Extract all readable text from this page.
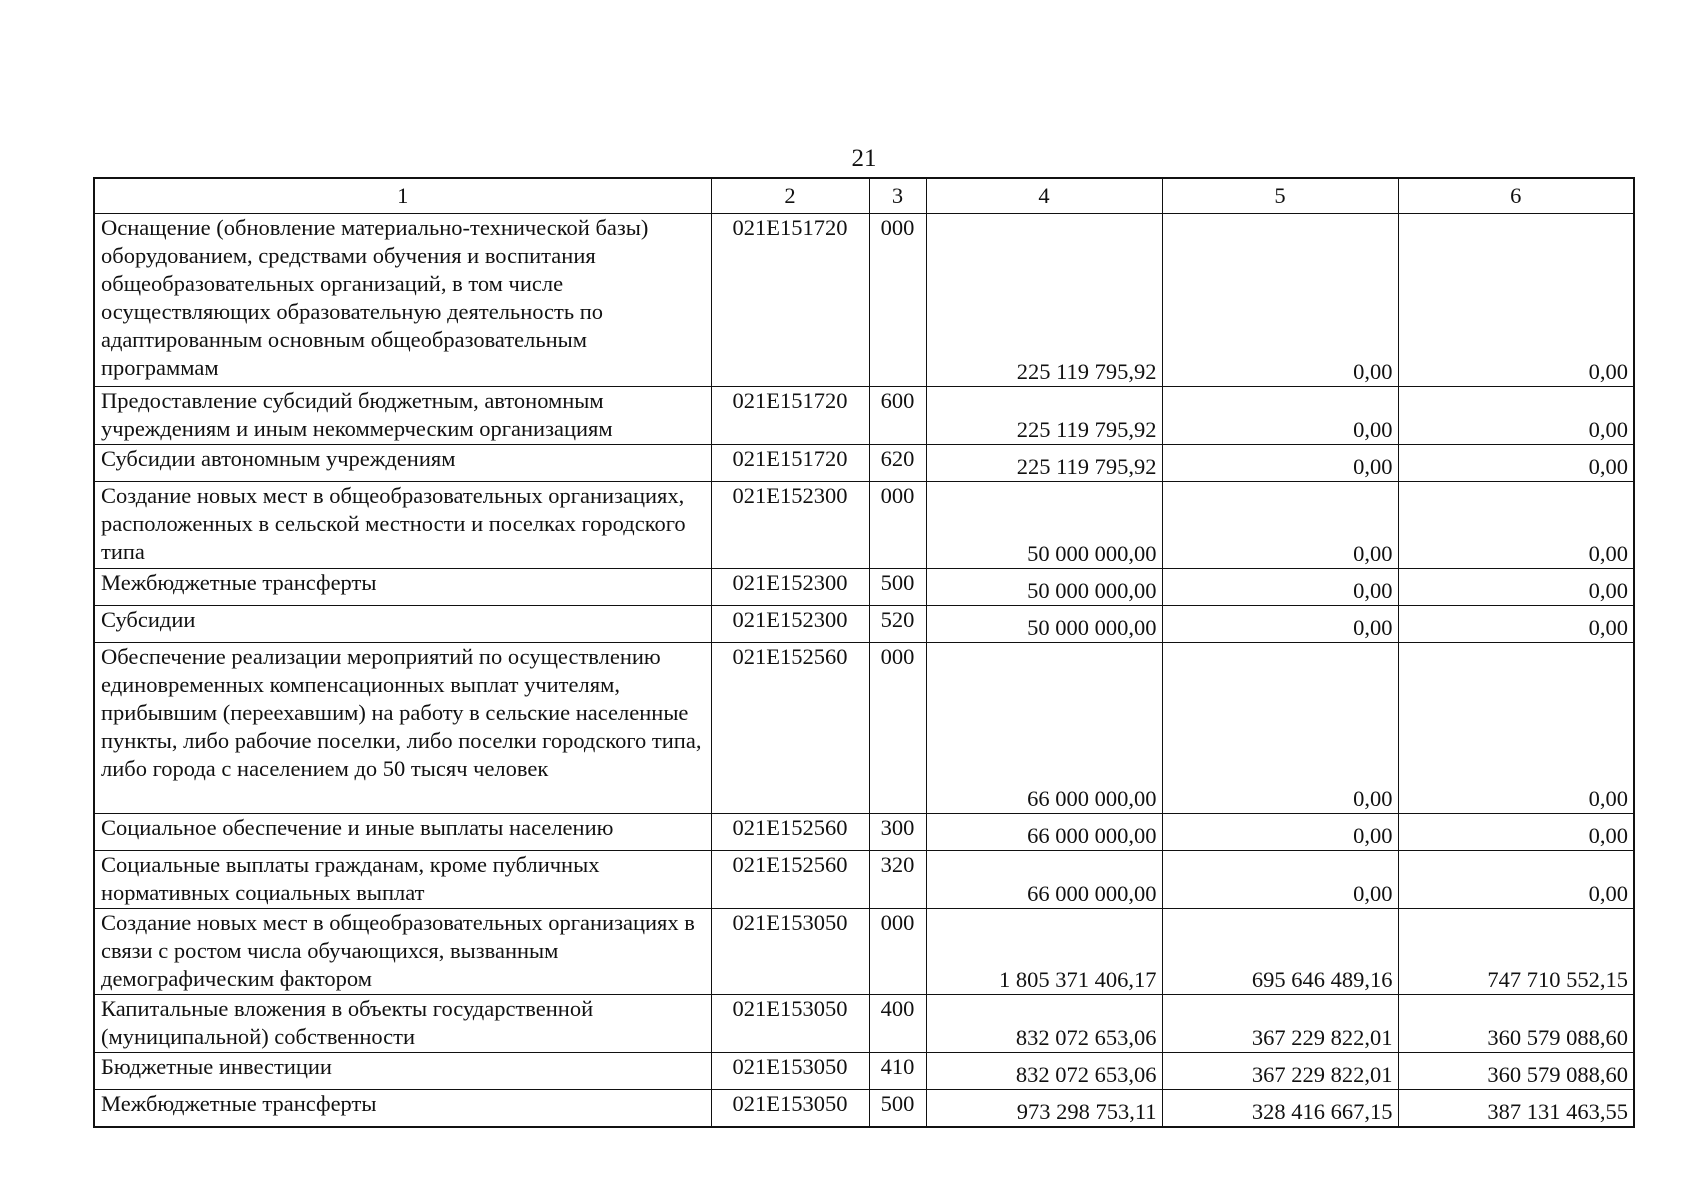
21
1	2	3	4	5	6
Оснащение (обновление материально-технической базы) оборудованием, средствами обучения и воспитания общеобразовательных организаций, в том числе осуществляющих образовательную деятельность по адаптированным основным общеобразовательным программам	021Е151720	000	225 119 795,92	0,00	0,00
Предоставление субсидий бюджетным, автономным учреждениям и иным некоммерческим организациям	021Е151720	600	225 119 795,92	0,00	0,00
Субсидии автономным учреждениям	021Е151720	620	225 119 795,92	0,00	0,00
Создание новых мест в общеобразовательных организациях, расположенных в сельской местности и поселках городского типа	021Е152300	000	50 000 000,00	0,00	0,00
Межбюджетные трансферты	021Е152300	500	50 000 000,00	0,00	0,00
Субсидии	021Е152300	520	50 000 000,00	0,00	0,00
Обеспечение реализации мероприятий по осуществлению единовременных компенсационных выплат учителям, прибывшим (переехавшим) на работу в сельские населенные пункты, либо рабочие поселки, либо поселки городского типа, либо города с населением до 50 тысяч человек	021Е152560	000	66 000 000,00	0,00	0,00
Социальное обеспечение и иные выплаты населению	021Е152560	300	66 000 000,00	0,00	0,00
Социальные выплаты гражданам, кроме публичных нормативных социальных выплат	021Е152560	320	66 000 000,00	0,00	0,00
Создание новых мест в общеобразовательных организациях в связи с ростом числа обучающихся, вызванным демографическим фактором	021Е153050	000	1 805 371 406,17	695 646 489,16	747 710 552,15
Капитальные вложения в объекты государственной (муниципальной) собственности	021Е153050	400	832 072 653,06	367 229 822,01	360 579 088,60
Бюджетные инвестиции	021Е153050	410	832 072 653,06	367 229 822,01	360 579 088,60
Межбюджетные трансферты	021Е153050	500	973 298 753,11	328 416 667,15	387 131 463,55
